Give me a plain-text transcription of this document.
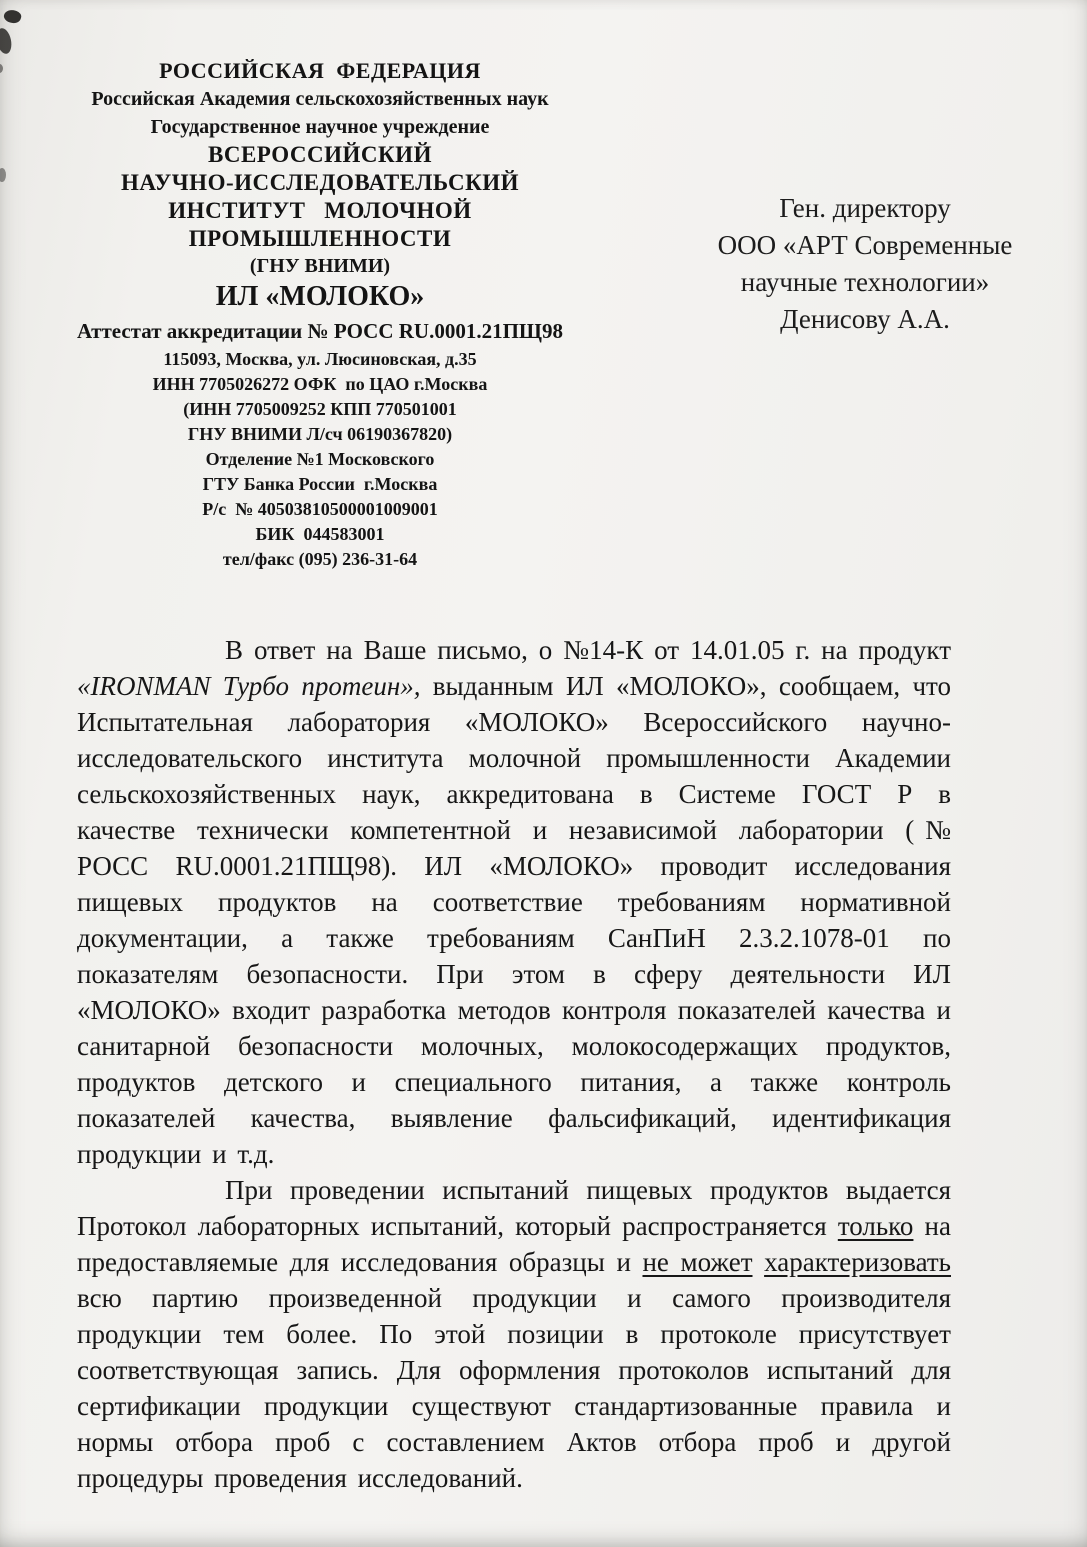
РОССИЙСКАЯ  ФЕДЕРАЦИЯ
Российская Академия сельскохозяйственных наук
Государственное научное учреждение
ВСЕРОССИЙСКИЙ
НАУЧНО-ИССЛЕДОВАТЕЛЬСКИЙ
ИНСТИТУТ   МОЛОЧНОЙ
ПРОМЫШЛЕННОСТИ
(ГНУ ВНИМИ)
ИЛ «МОЛОКО»
Аттестат аккредитации № РОСС RU.0001.21ПЩ98
115093, Москва, ул. Люсиновская, д.35
ИНН 7705026272 ОФК  по ЦАО г.Москва
(ИНН 7705009252 КПП 770501001
ГНУ ВНИМИ Л/сч 06190367820)
Отделение №1 Московского
ГТУ Банка России  г.Москва
Р/с  № 40503810500001009001
БИК  044583001
тел/факс (095) 236-31-64
Ген. директору
ООО «АРТ Современные
научные технологии»
Денисову А.А.

В ответ на Ваше письмо, о №14-К от 14.01.05 г. на продукт «IRONMAN Турбо протеин», выданным ИЛ «МОЛОКО», сообщаем, что Испытательная лаборатория «МОЛОКО» Всероссийского научно- исследовательского института молочной промышленности Академии сельскохозяйственных наук, аккредитована в Системе ГОСТ Р в качестве технически компетентной и независимой лаборатории (№ РОСС RU.0001.21ПЩ98). ИЛ «МОЛОКО» проводит исследования пищевых продуктов на соответствие требованиям нормативной документации, а также требованиям СанПиН 2.3.2.1078-01 по показателям безопасности. При этом в сферу деятельности ИЛ «МОЛОКО» входит разработка методов контроля показателей качества и санитарной безопасности молочных, молокосодержащих продуктов, продуктов детского и специального питания, а также контроль показателей качества, выявление фальсификаций, идентификация продукции и т.д.

При проведении испытаний пищевых продуктов выдается Протокол лабораторных испытаний, который распространяется только на предоставляемые для исследования образцы и не может характеризовать всю партию произведенной продукции и самого производителя продукции тем более. По этой позиции в протоколе присутствует соответствующая запись. Для оформления протоколов испытаний для сертификации продукции существуют стандартизованные правила и нормы отбора проб с составлением Актов отбора проб и другой процедуры проведения исследований.
